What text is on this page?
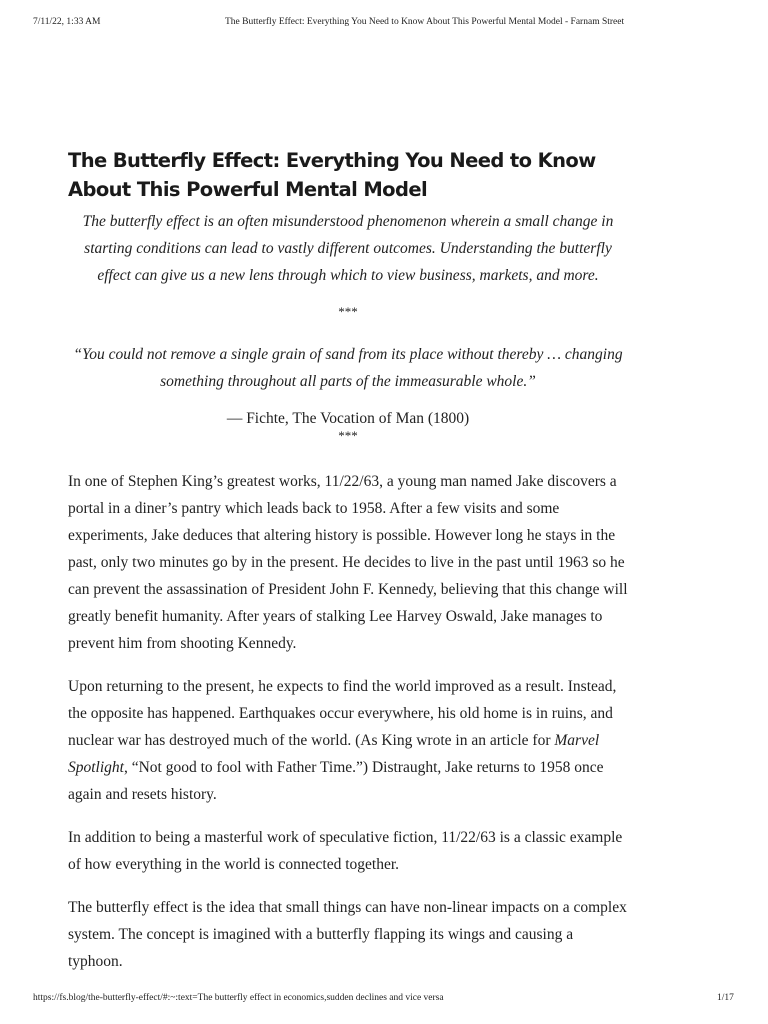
7/11/22, 1:33 AM	The Butterfly Effect: Everything You Need to Know About This Powerful Mental Model - Farnam Street
The Butterfly Effect: Everything You Need to Know About This Powerful Mental Model

The butterfly effect is an often misunderstood phenomenon wherein a small change in starting conditions can lead to vastly different outcomes. Understanding the butterfly effect can give us a new lens through which to view business, markets, and more.

***

“You could not remove a single grain of sand from its place without thereby … changing something throughout all parts of the immeasurable whole.”

— Fichte, The Vocation of Man (1800)

***

In one of Stephen King’s greatest works, 11/22/63, a young man named Jake discovers a portal in a diner’s pantry which leads back to 1958. After a few visits and some experiments, Jake deduces that altering history is possible. However long he stays in the past, only two minutes go by in the present. He decides to live in the past until 1963 so he can prevent the assassination of President John F. Kennedy, believing that this change will greatly benefit humanity. After years of stalking Lee Harvey Oswald, Jake manages to prevent him from shooting Kennedy.

Upon returning to the present, he expects to find the world improved as a result. Instead, the opposite has happened. Earthquakes occur everywhere, his old home is in ruins, and nuclear war has destroyed much of the world. (As King wrote in an article for Marvel Spotlight, “Not good to fool with Father Time.”) Distraught, Jake returns to 1958 once again and resets history.

In addition to being a masterful work of speculative fiction, 11/22/63 is a classic example of how everything in the world is connected together.

The butterfly effect is the idea that small things can have non-linear impacts on a complex system. The concept is imagined with a butterfly flapping its wings and causing a typhoon.

https://fs.blog/the-butterfly-effect/#:~:text=The butterfly effect in economics,sudden declines and vice versa	1/17
